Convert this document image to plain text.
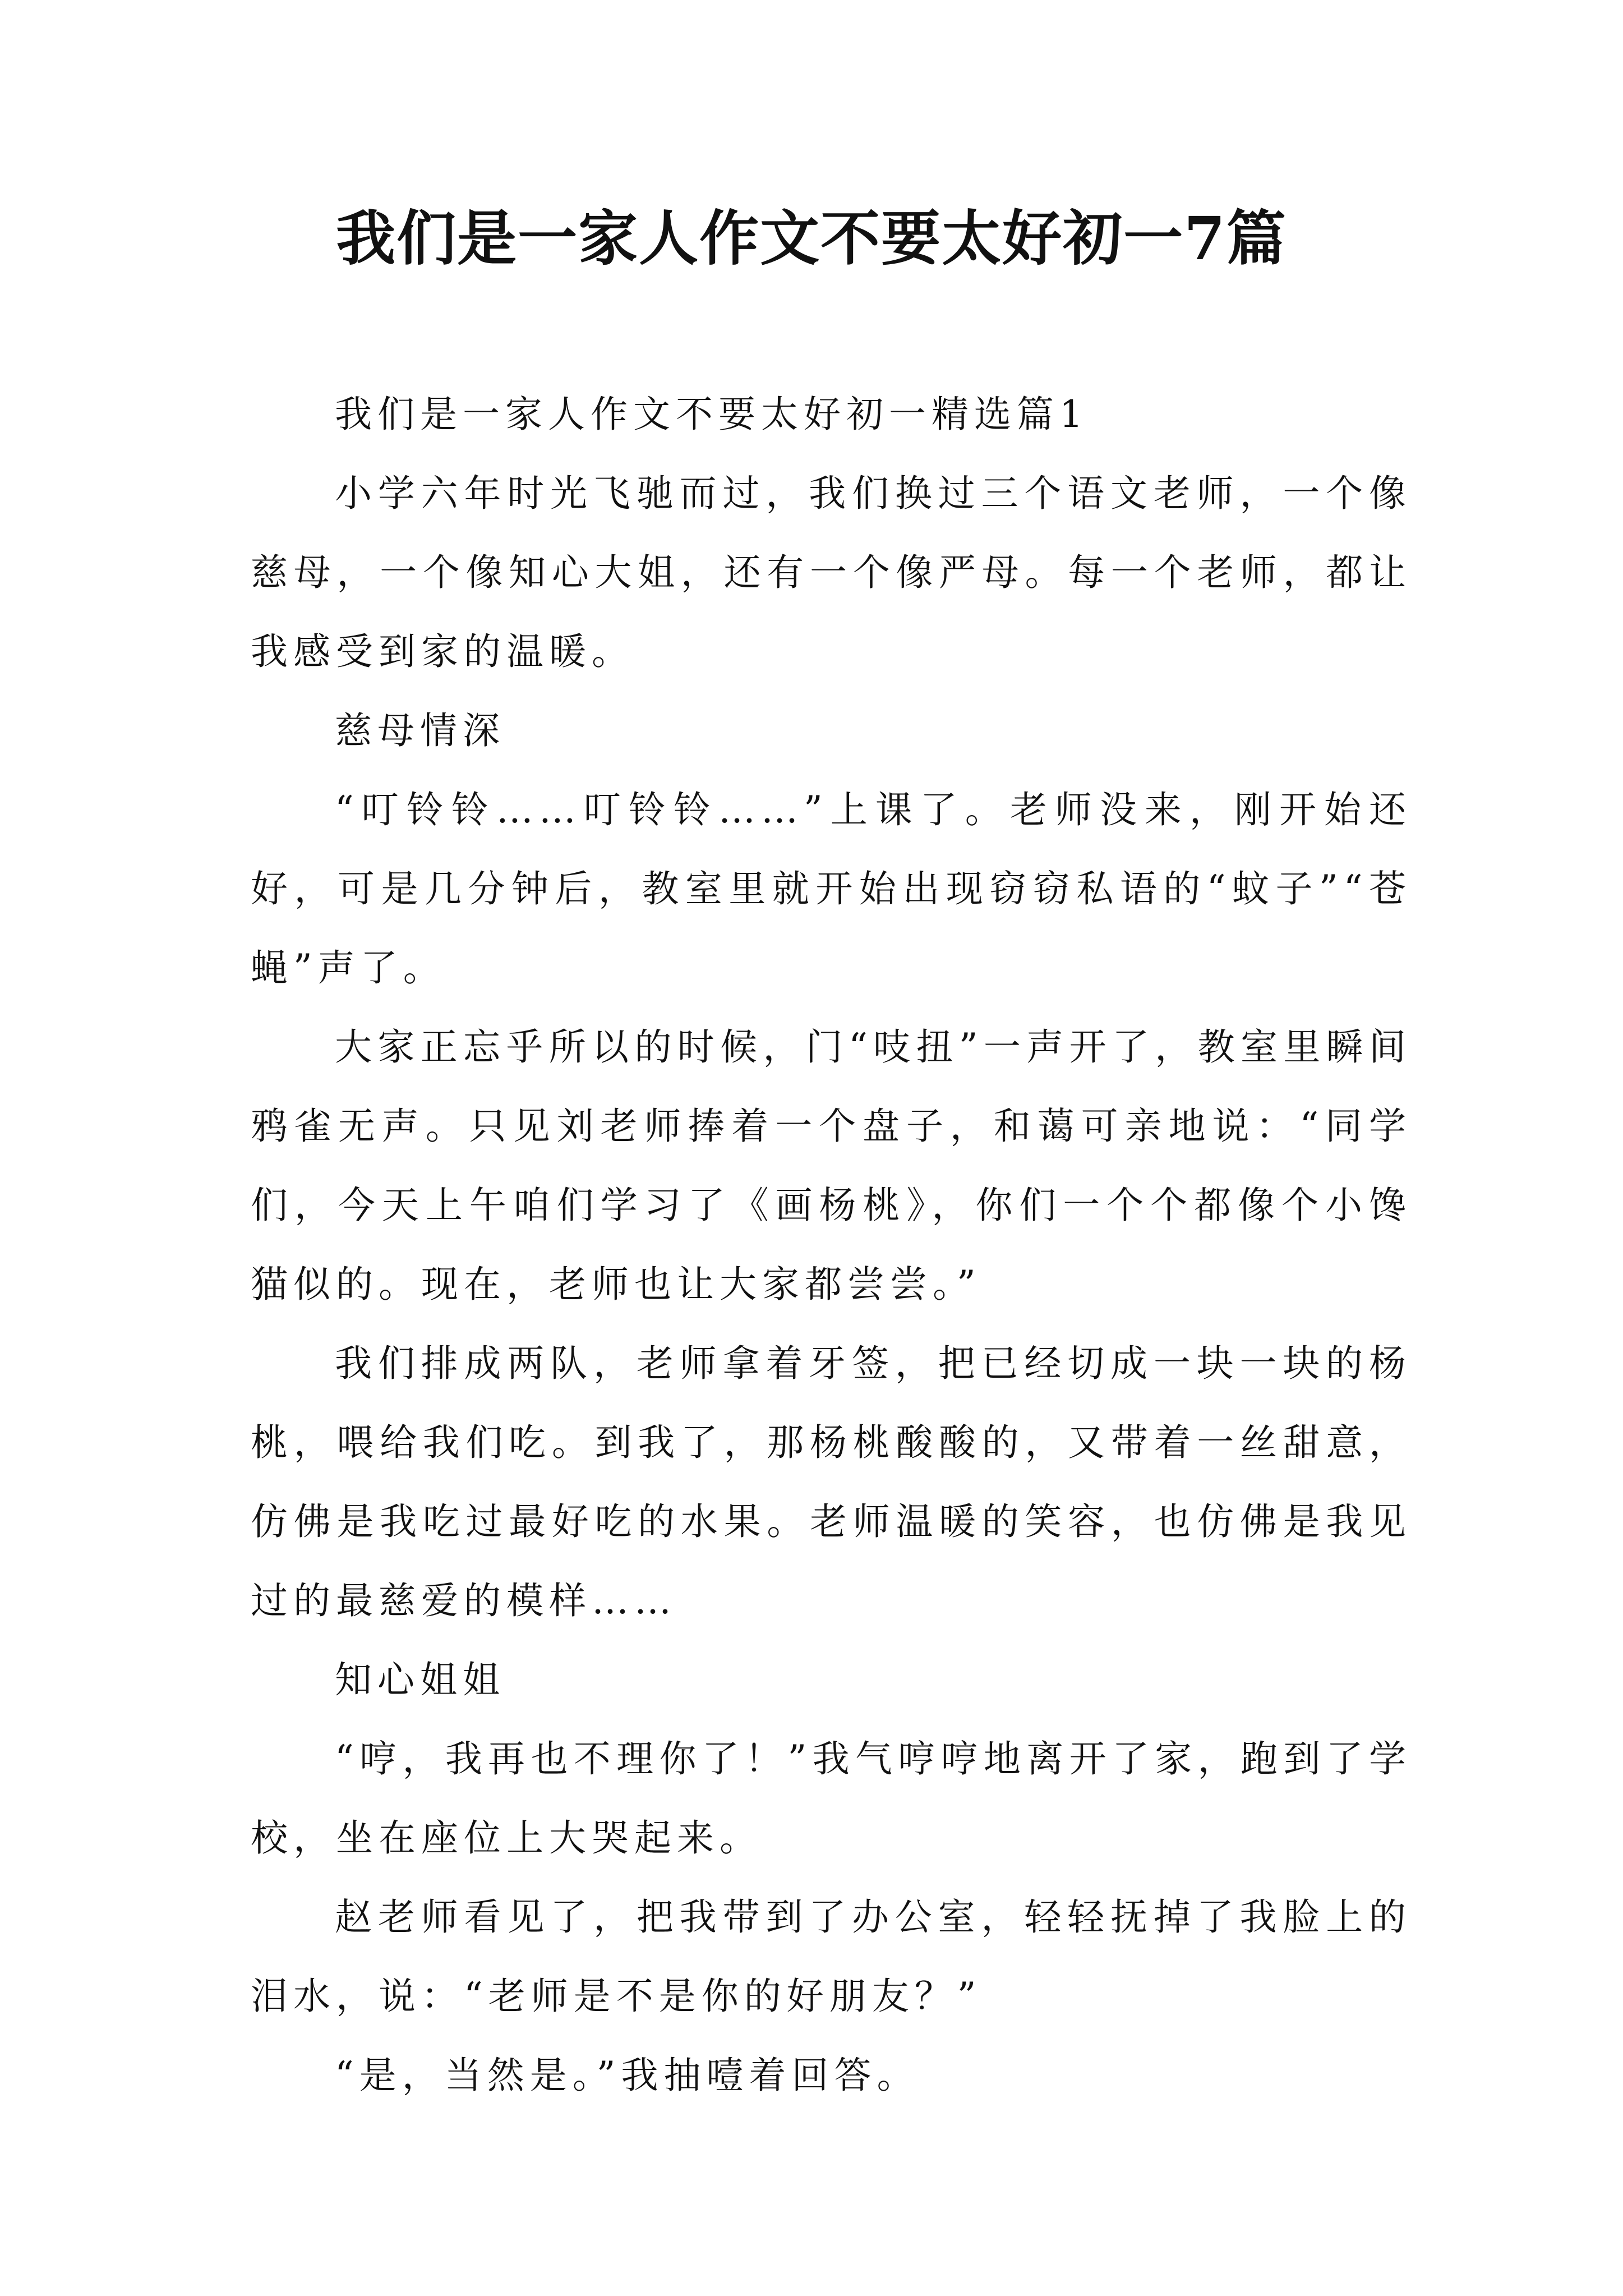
我们是一家人作文不要太好初一7篇

我们是一家人作文不要太好初一精选篇1

小学六年时光飞驰而过，我们换过三个语文老师，一个像慈母，一个像知心大姐，还有一个像严母。每一个老师，都让我感受到家的温暖。

慈母情深

“叮铃铃……叮铃铃……”上课了。老师没来，刚开始还好，可是几分钟后，教室里就开始出现窃窃私语的“蚊子”“苍蝇”声了。

大家正忘乎所以的时候，门“吱扭”一声开了，教室里瞬间鸦雀无声。只见刘老师捧着一个盘子，和蔼可亲地说：“同学们，今天上午咱们学习了《画杨桃》，你们一个个都像个小馋猫似的。现在，老师也让大家都尝尝。”

我们排成两队，老师拿着牙签，把已经切成一块一块的杨桃，喂给我们吃。到我了，那杨桃酸酸的，又带着一丝甜意，仿佛是我吃过最好吃的水果。老师温暖的笑容，也仿佛是我见过的最慈爱的模样……

知心姐姐

“哼，我再也不理你了！”我气哼哼地离开了家，跑到了学校，坐在座位上大哭起来。

赵老师看见了，把我带到了办公室，轻轻抚掉了我脸上的泪水，说：“老师是不是你的好朋友？”

“是，当然是。”我抽噎着回答。
